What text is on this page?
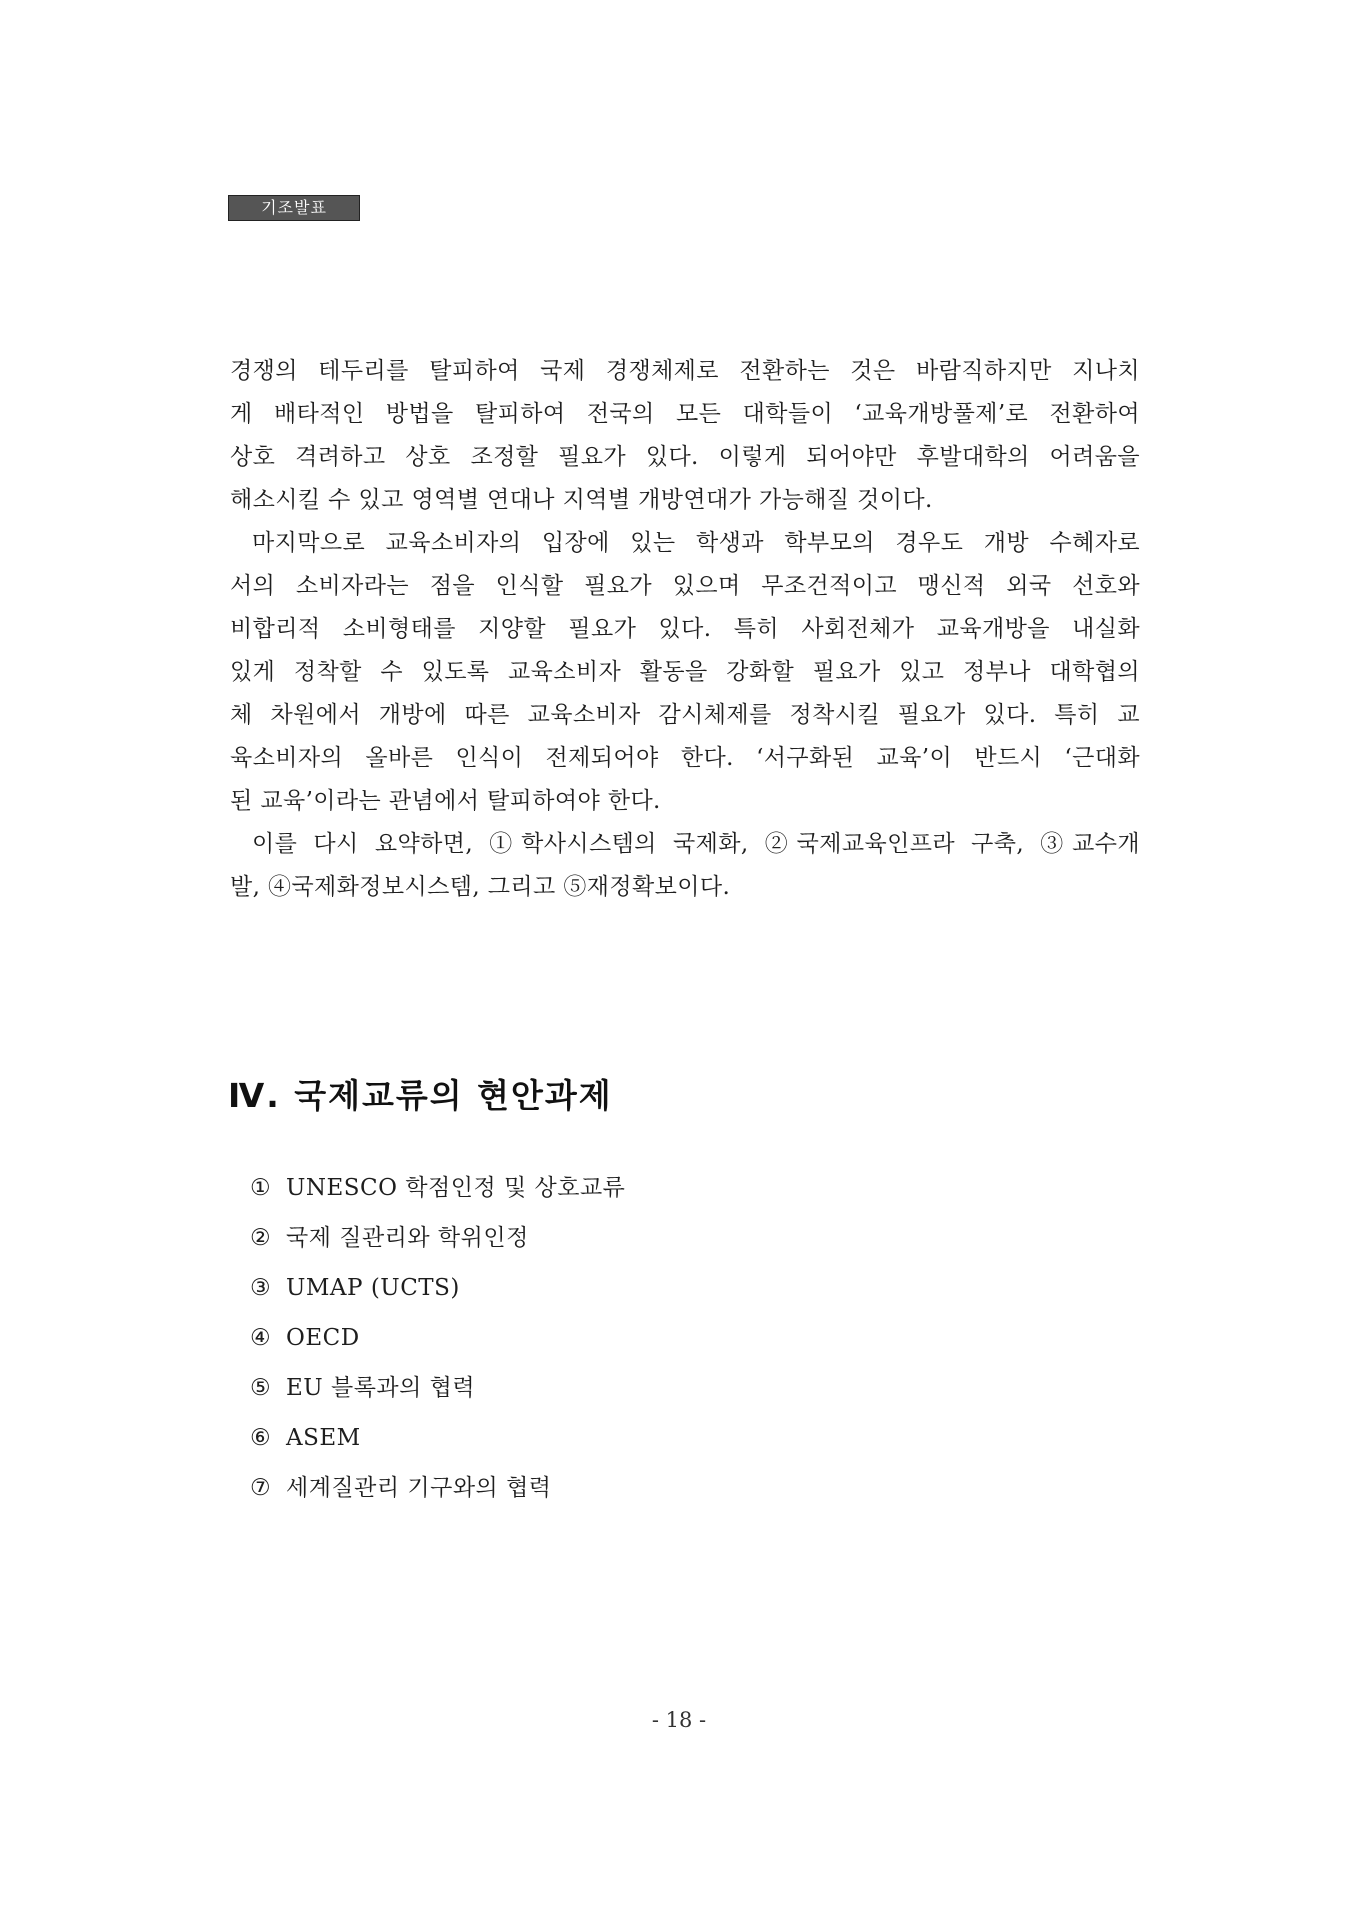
기조발표
경쟁의 테두리를 탈피하여 국제 경쟁체제로 전환하는 것은 바람직하지만 지나치
게 배타적인 방법을 탈피하여 전국의 모든 대학들이 ‘교육개방풀제’로 전환하여
상호 격려하고 상호 조정할 필요가 있다. 이렇게 되어야만 후발대학의 어려움을
해소시킬 수 있고 영역별 연대나 지역별 개방연대가 가능해질 것이다.
마지막으로 교육소비자의 입장에 있는 학생과 학부모의 경우도 개방 수혜자로
서의 소비자라는 점을 인식할 필요가 있으며 무조건적이고 맹신적 외국 선호와
비합리적 소비형태를 지양할 필요가 있다. 특히 사회전체가 교육개방을 내실화
있게 정착할 수 있도록 교육소비자 활동을 강화할 필요가 있고 정부나 대학협의
체 차원에서 개방에 따른 교육소비자 감시체제를 정착시킬 필요가 있다. 특히 교
육소비자의 올바른 인식이 전제되어야 한다. ‘서구화된 교육’이 반드시 ‘근대화
된 교육’이라는 관념에서 탈피하여야 한다.
이를 다시 요약하면, ①학사시스템의 국제화, ②국제교육인프라 구축, ③교수개
발, ④국제화정보시스템, 그리고 ⑤재정확보이다.
Ⅳ. 국제교류의 현안과제
① UNESCO 학점인정 및 상호교류
② 국제 질관리와 학위인정
③ UMAP (UCTS)
④ OECD
⑤ EU 블록과의 협력
⑥ ASEM
⑦ 세계질관리 기구와의 협력
- 18 -
